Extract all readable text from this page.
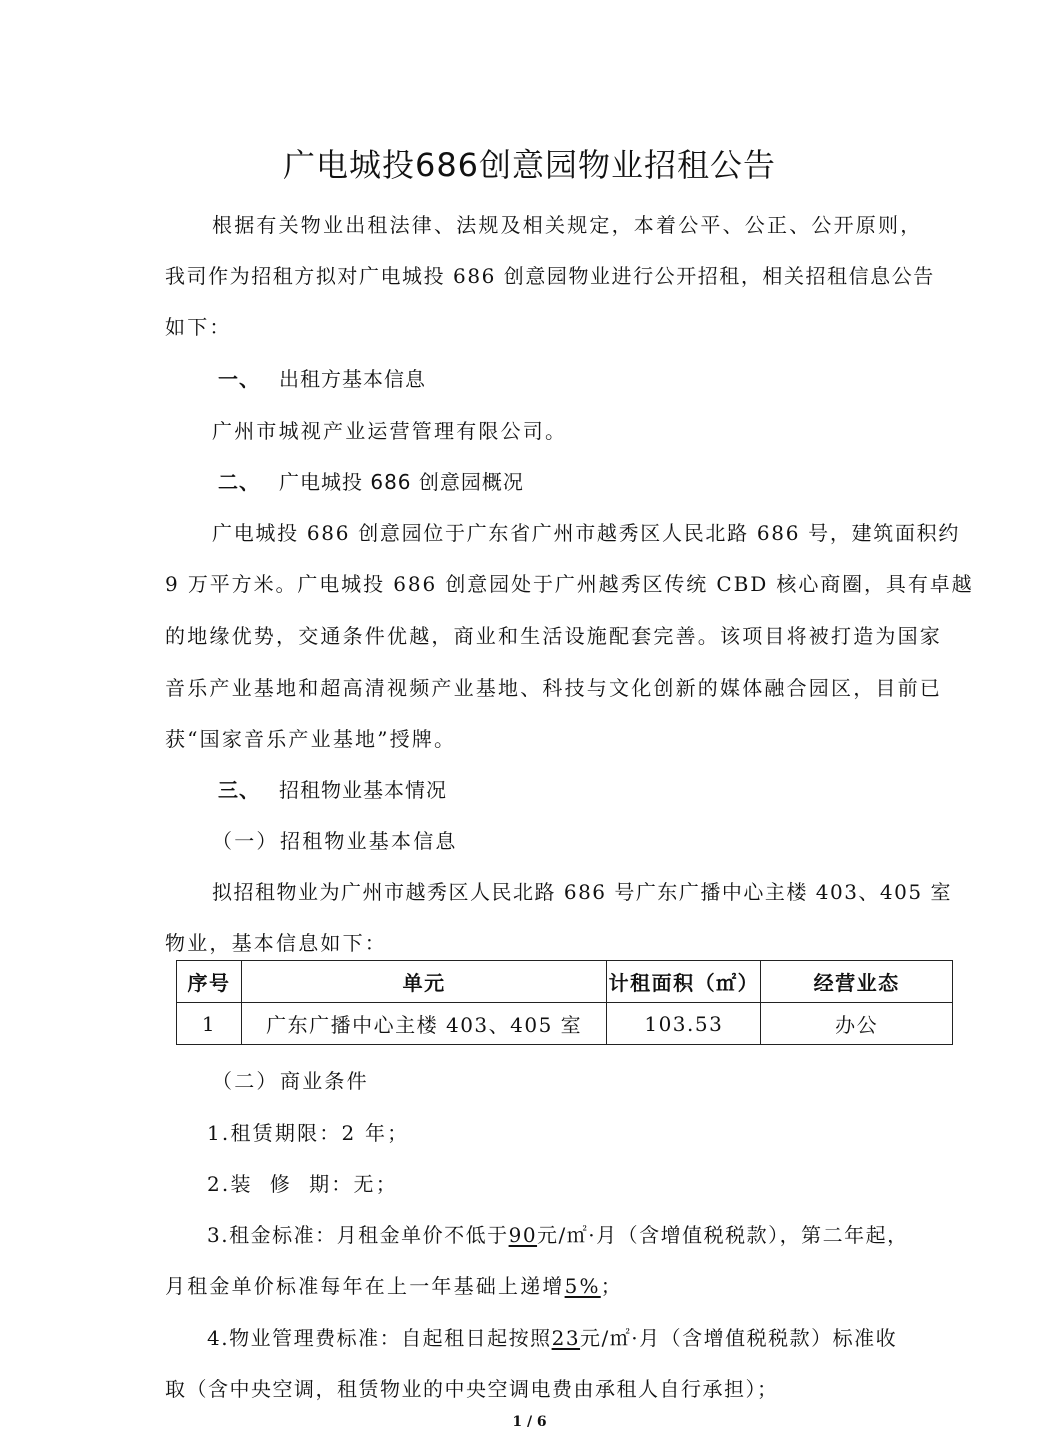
广电城投686创意园物业招租公告
根据有关物业出租法律、法规及相关规定，本着公平、公正、公开原则，
我司作为招租方拟对广电城投 686 创意园物业进行公开招租，相关招租信息公告
如下：
一、 出租方基本信息
广州市城视产业运营管理有限公司。
二、 广电城投 686 创意园概况
广电城投 686 创意园位于广东省广州市越秀区人民北路 686 号，建筑面积约
9 万平方米。广电城投 686 创意园处于广州越秀区传统 CBD 核心商圈，具有卓越
的地缘优势，交通条件优越，商业和生活设施配套完善。该项目将被打造为国家
音乐产业基地和超高清视频产业基地、科技与文化创新的媒体融合园区，目前已
获“国家音乐产业基地”授牌。
三、 招租物业基本情况
（一） 招租物业基本信息
拟招租物业为广州市越秀区人民北路 686 号广东广播中心主楼 403、405 室
物业，基本信息如下：
序号	单元	计租面积（㎡）	经营业态
1	广东广播中心主楼 403、405 室	103.53	办公
（二） 商业条件
1.租赁期限：2 年；
2.装  修  期：无；
3.租金标准：月租金单价不低于90元/㎡·月（含增值税税款），第二年起，
月租金单价标准每年在上一年基础上递增5%；
4.物业管理费标准：自起租日起按照23元/㎡·月（含增值税税款）标准收
取（含中央空调，租赁物业的中央空调电费由承租人自行承担）；
1 / 6
